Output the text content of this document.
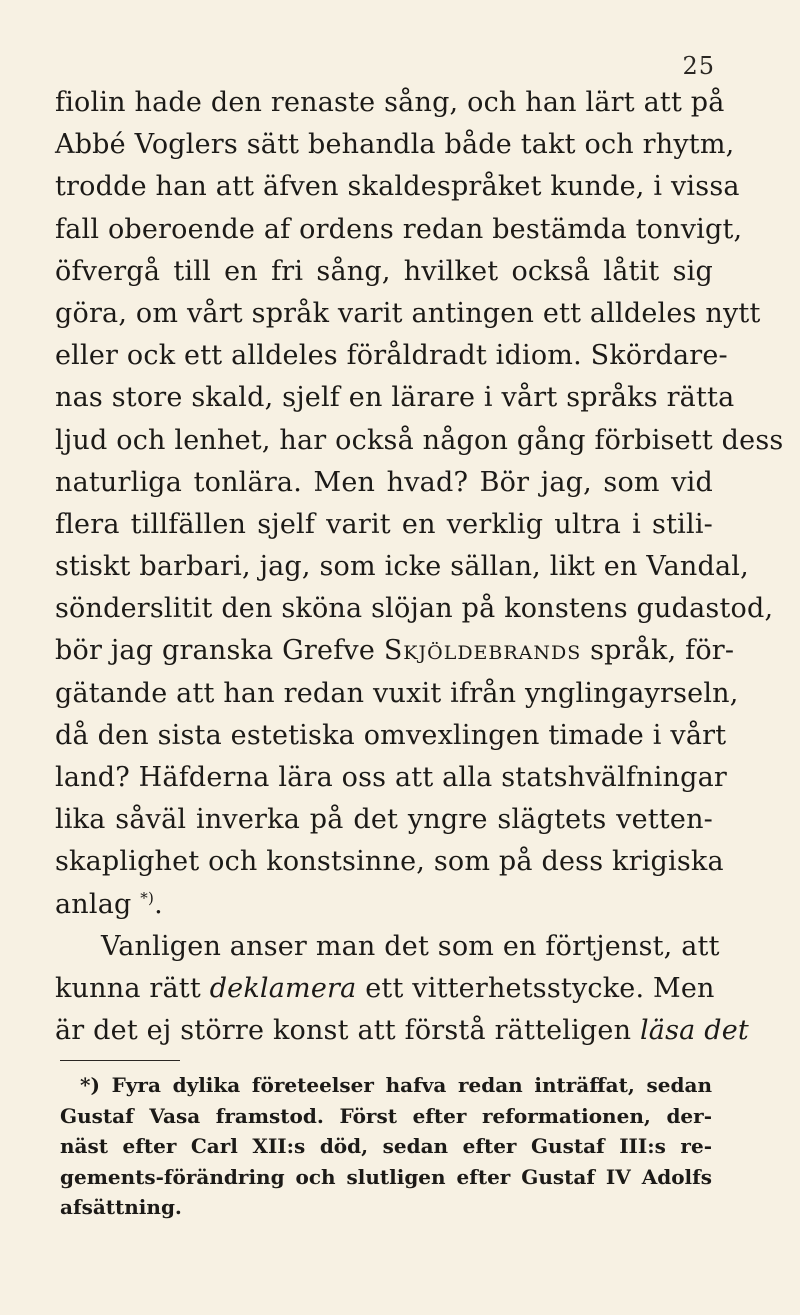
25
fiolin hade den renaste sång, och han lärt att på
Abbé Voglers sätt behandla både takt och rhytm,
trodde han att äfven skaldespråket kunde, i vissa
fall oberoende af ordens redan bestämda tonvigt,
öfvergå till en fri sång, hvilket också låtit sig
göra, om vårt språk varit antingen ett alldeles nytt
eller ock ett alldeles föråldradt idiom. Skördare-
nas store skald, sjelf en lärare i vårt språks rätta
ljud och lenhet, har också någon gång förbisett dess
naturliga tonlära. Men hvad? Bör jag, som vid
flera tillfällen sjelf varit en verklig ultra i stili-
stiskt barbari, jag, som icke sällan, likt en Vandal,
sönderslitit den sköna slöjan på konstens gudastod,
bör jag granska Grefve Skjöldebrands språk, för-
gätande att han redan vuxit ifrån ynglingayrseln,
då den sista estetiska omvexlingen timade i vårt
land? Häfderna lära oss att alla statshvälfningar
lika såväl inverka på det yngre slägtets vetten-
skaplighet och konstsinne, som på dess krigiska
anlag *).
Vanligen anser man det som en förtjenst, att
kunna rätt deklamera ett vitterhetsstycke. Men
är det ej större konst att förstå rätteligen läsa det
*) Fyra dylika företeelser hafva redan inträffat, sedan
Gustaf Vasa framstod. Först efter reformationen, der-
näst efter Carl XII:s död, sedan efter Gustaf III:s re-
gements-förändring och slutligen efter Gustaf IV Adolfs
afsättning.
